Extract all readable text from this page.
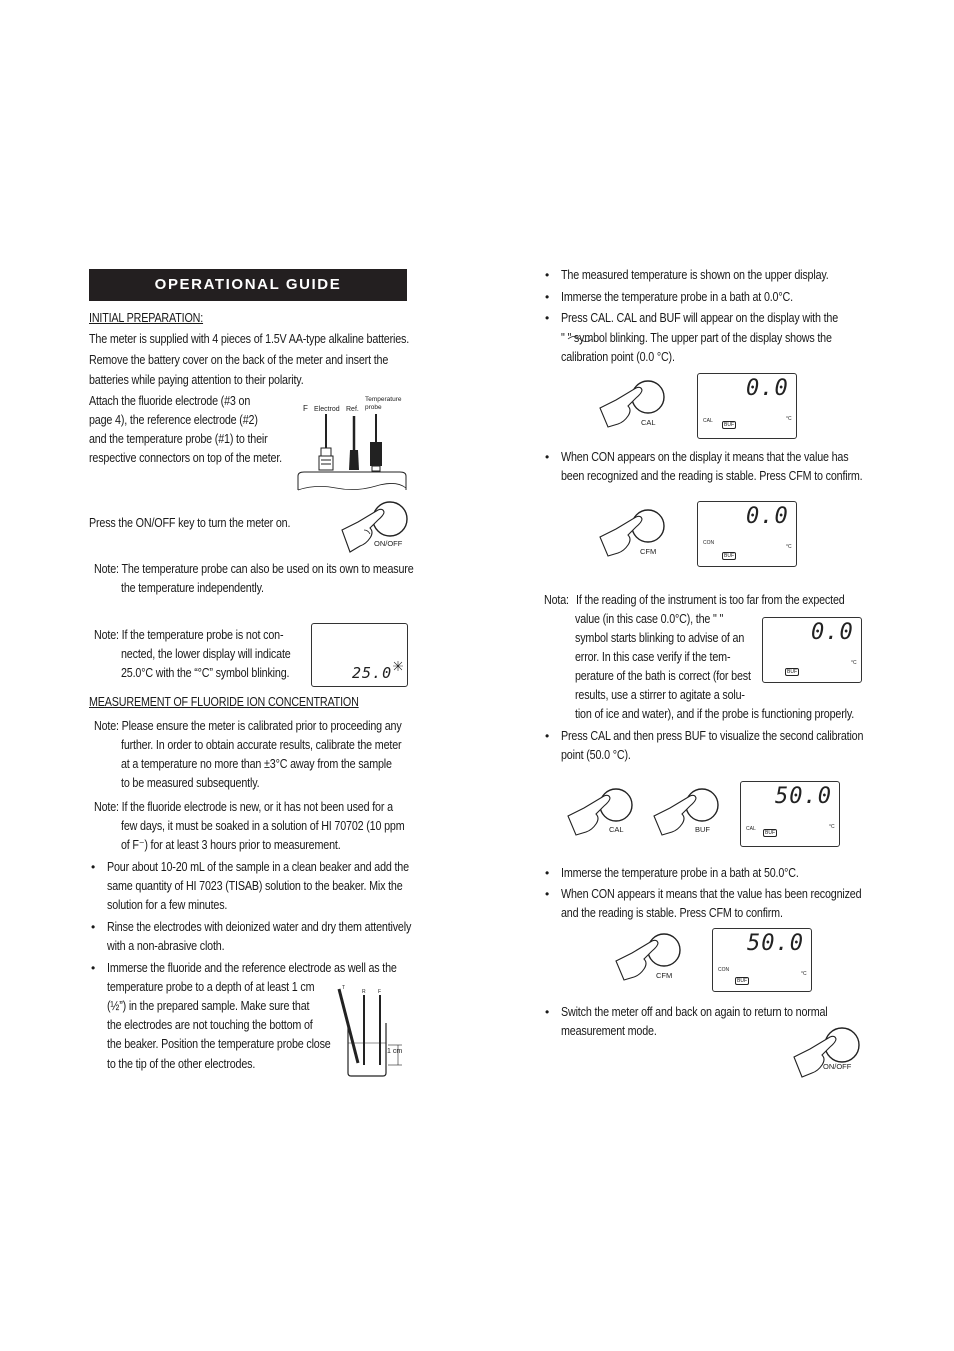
OPERATIONAL GUIDE
INITIAL PREPARATION:
The meter is supplied with 4 pieces of 1.5V AA-type alkaline batteries.
Remove the battery cover on the back of the meter and insert the
batteries while paying attention to their polarity.
Attach the fluoride electrode (#3 on
page 4), the reference electrode (#2)
and the temperature probe (#1) to their
respective connectors on top of the meter.
F Electrod Ref.
Temperature
probe
Press the ON/OFF key to turn the meter on.
ON/OFF
Note: The temperature probe can also be used on its own to measure
the temperature independently.
Note: If the temperature probe is not con-
nected, the lower display will indicate
25.0°C with the “°C” symbol blinking.	25.0
MEASUREMENT OF FLUORIDE ION CONCENTRATION
Note: Please ensure the meter is calibrated prior to proceeding any
further. In order to obtain accurate results, calibrate the meter
at a temperature no more than ±3°C away from the sample
to be measured subsequently.
Note: If the fluoride electrode is new, or it has not been used for a
few days, it must be soaked in a solution of HI 70702 (10 ppm
of F⁻) for at least 3 hours prior to measurement.
• Pour about 10-20 mL of the sample in a clean beaker and add the
same quantity of HI 7023 (TISAB) solution to the beaker. Mix the
solution for a few minutes.
• Rinse the electrodes with deionized water and dry them attentively
with a non-abrasive cloth.
• Immerse the fluoride and the reference electrode as well as the
temperature probe to a depth of at least 1 cm
(½”) in the prepared sample. Make sure that
the electrodes are not touching the bottom of
the beaker. Position the temperature probe close
to the tip of the other electrodes.
1 cm
T
R F
• The measured temperature is shown on the upper display.
• Immerse the temperature probe in a bath at 0.0°C.
• Press CAL. CAL and BUF will appear on the display with the
" " symbol blinking. The upper part of the display shows the
calibration point (0.0 °C).
CAL
0.0
CAL
BUF
°C
• When CON appears on the display it means that the value has
been recognized and the reading is stable. Press CFM to confirm.
CFM
0.0
CON
BUF
°C
Nota: If the reading of the instrument is too far from the expected
value (in this case 0.0°C), the " "
symbol starts blinking to advise of an
error. In this case verify if the tem-
perature of the bath is correct (for best
results, use a stirrer to agitate a solu-
tion of ice and water), and if the probe is functioning properly.
0.0
BUF
°C
• Press CAL and then press BUF to visualize the second calibration
point (50.0 °C).
CAL	BUF
50.0
CAL
BUF
°C
• Immerse the temperature probe in a bath at 50.0°C.
• When CON appears it means that the value has been recognized
and the reading is stable. Press CFM to confirm.
CFM
50.0
CON
BUF
°C
• Switch the meter off and back on again to return to normal
measurement mode.
ON/OFF
